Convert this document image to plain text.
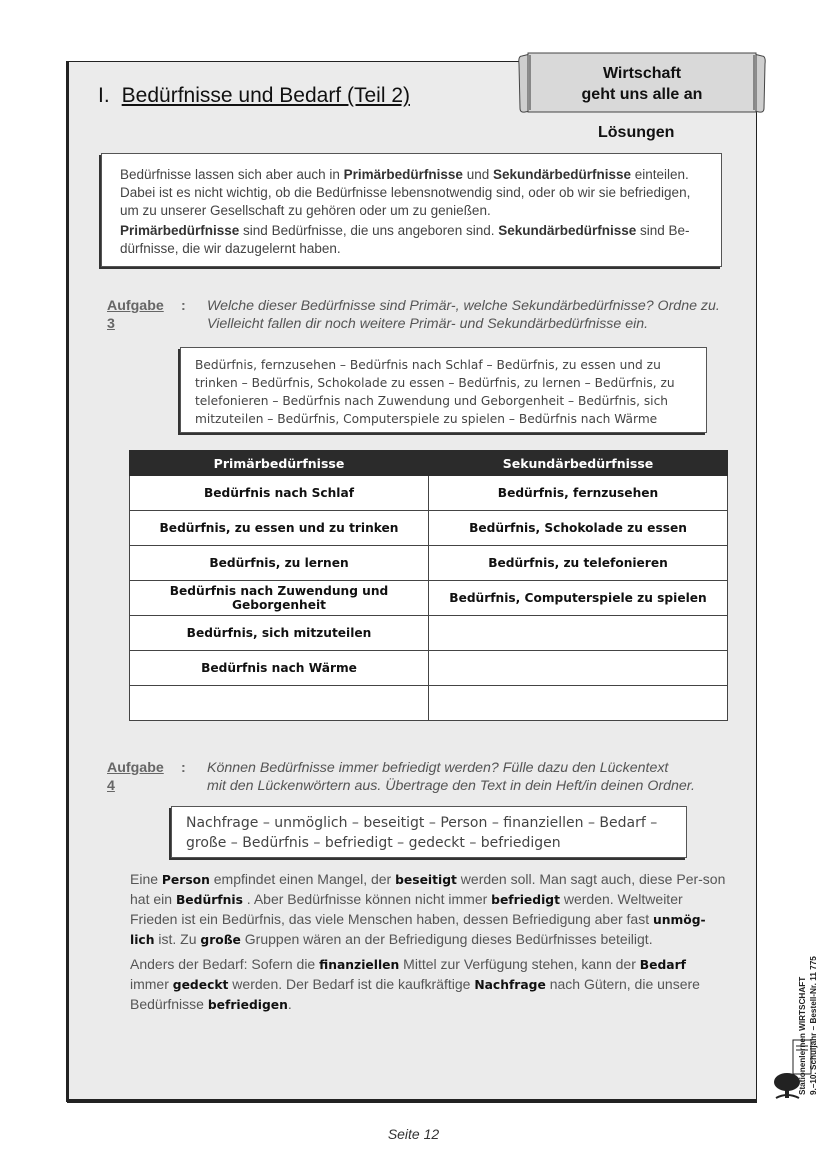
I. Bedürfnisse und Bedarf (Teil 2)
Wirtschaft
geht uns alle an
Lösungen

Bedürfnisse lassen sich aber auch in Primärbedürfnisse und Sekundärbedürfnisse einteilen. Dabei ist es nicht wichtig, ob die Bedürfnisse lebensnotwendig sind, oder ob wir sie befriedigen, um zu unserer Gesellschaft zu gehören oder um zu genießen.

Primärbedürfnisse sind Bedürfnisse, die uns angeboren sind. Sekundärbedürfnisse sind Be-dürfnisse, die wir dazugelernt haben.

Aufgabe 3
: Welche dieser Bedürfnisse sind Primär-, welche Sekundärbedürfnisse? Ordne zu.
Vielleicht fallen dir noch weitere Primär- und Sekundärbedürfnisse ein.
Bedürfnis, fernzusehen – Bedürfnis nach Schlaf – Bedürfnis, zu essen und zu trinken – Bedürfnis, Schokolade zu essen – Bedürfnis, zu lernen – Bedürfnis, zu telefonieren – Bedürfnis nach Zuwendung und Geborgenheit – Bedürfnis, sich mitzuteilen – Bedürfnis, Computerspiele zu spielen – Bedürfnis nach Wärme
Primärbedürfnisse	Sekundärbedürfnisse
Bedürfnis nach Schlaf	Bedürfnis, fernzusehen
Bedürfnis, zu essen und zu trinken	Bedürfnis, Schokolade zu essen
Bedürfnis, zu lernen	Bedürfnis, zu telefonieren
Bedürfnis nach Zuwendung und Geborgenheit	Bedürfnis, Computerspiele zu spielen
Bedürfnis, sich mitzuteilen	
Bedürfnis nach Wärme	

Aufgabe 4
: Können Bedürfnisse immer befriedigt werden? Fülle dazu den Lückentext
mit den Lückenwörtern aus. Übertrage den Text in dein Heft/in deinen Ordner.
Nachfrage – unmöglich – beseitigt – Person – finanziellen – Bedarf – große – Bedürfnis – befriedigt – gedeckt – befriedigen

Eine Person empfindet einen Mangel, der beseitigt werden soll. Man sagt auch, diese Per-son hat ein Bedürfnis . Aber Bedürfnisse können nicht immer befriedigt werden. Weltweiter Frieden ist ein Bedürfnis, das viele Menschen haben, dessen Befriedigung aber fast unmög-lich ist. Zu große Gruppen wären an der Befriedigung dieses Bedürfnisses beteiligt.

Anders der Bedarf: Sofern die finanziellen Mittel zur Verfügung stehen, kann der Bedarf immer gedeckt werden. Der Bedarf ist die kaufkräftige Nachfrage nach Gütern, die unsere Bedürfnisse befriedigen.	Stationenlernen WIRTSCHAFT 9.–10. Schuljahr – Bestell-Nr. 11 775
Seite 12
